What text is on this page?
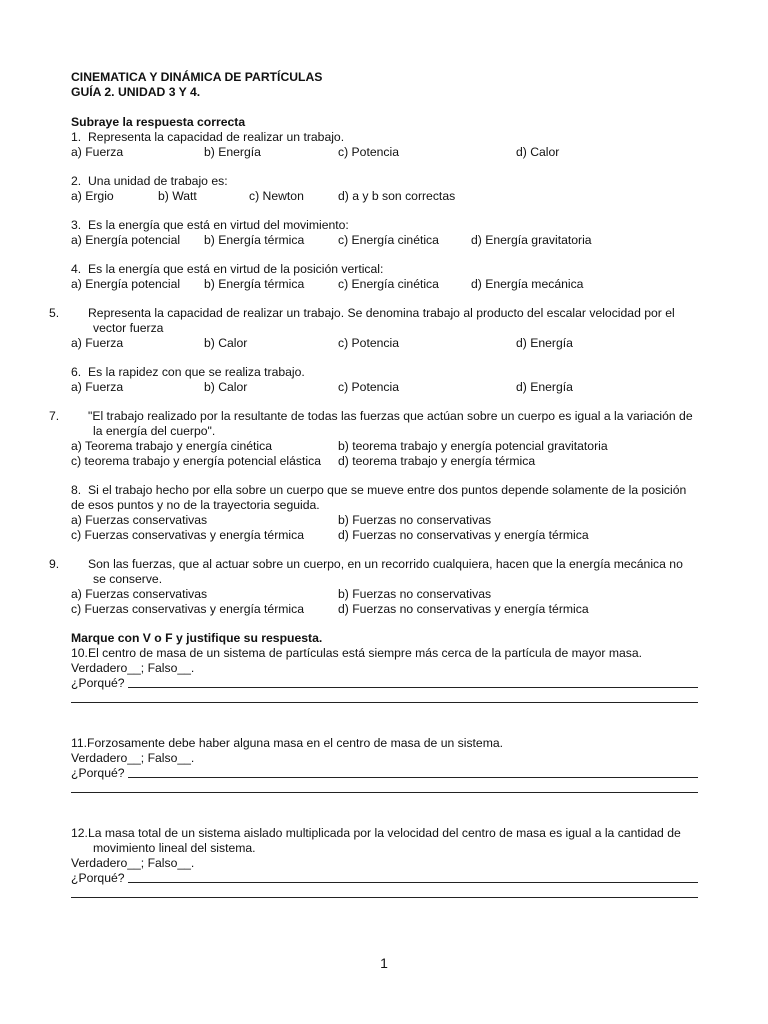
CINEMATICA Y DINÁMICA DE PARTÍCULAS
GUÍA 2. UNIDAD 3 Y 4.
Subraye la respuesta correcta
1. Representa la capacidad de realizar un trabajo.
a) Fuerza	b) Energía	c) Potencia	d) Calor
2. Una unidad de trabajo es:
a) Ergio	b) Watt	c) Newton	d) a y b son correctas
3. Es la energía que está en virtud del movimiento:
a) Energía potencial b) Energía térmica	c) Energía cinética	d) Energía gravitatoria
4. Es la energía que está en virtud de la posición vertical:
a) Energía potencial b) Energía térmica	c) Energía cinética	d) Energía mecánica
5. Representa la capacidad de realizar un trabajo. Se denomina trabajo al producto del escalar velocidad por el vector fuerza
a) Fuerza	b) Calor	c) Potencia	d) Energía
6. Es la rapidez con que se realiza trabajo.
a) Fuerza	b) Calor	c) Potencia	d) Energía
7. "El trabajo realizado por la resultante de todas las fuerzas que actúan sobre un cuerpo es igual a la variación de la energía del cuerpo".
a) Teorema trabajo y energía cinética	b) teorema trabajo y energía potencial gravitatoria
c) teorema trabajo y energía potencial elástica d) teorema trabajo y energía térmica
8. Si el trabajo hecho por ella sobre un cuerpo que se mueve entre dos puntos depende solamente de la posición de esos puntos y no de la trayectoria seguida.
a) Fuerzas conservativas	b) Fuerzas no conservativas
c) Fuerzas conservativas y energía térmica	d) Fuerzas no conservativas y energía térmica
9. Son las fuerzas, que al actuar sobre un cuerpo, en un recorrido cualquiera, hacen que la energía mecánica no se conserve.
a) Fuerzas conservativas	b) Fuerzas no conservativas
c) Fuerzas conservativas y energía térmica	d) Fuerzas no conservativas y energía térmica
Marque con V o F y justifique su respuesta.
10.El centro de masa de un sistema de partículas está siempre más cerca de la partícula de mayor masa.
Verdadero__; Falso__.
¿Porqué?
11.Forzosamente debe haber alguna masa en el centro de masa de un sistema.
Verdadero__; Falso__.
¿Porqué?
12.La masa total de un sistema aislado multiplicada por la velocidad del centro de masa es igual a la cantidad de movimiento lineal del sistema.
Verdadero__; Falso__.
¿Porqué?
1
